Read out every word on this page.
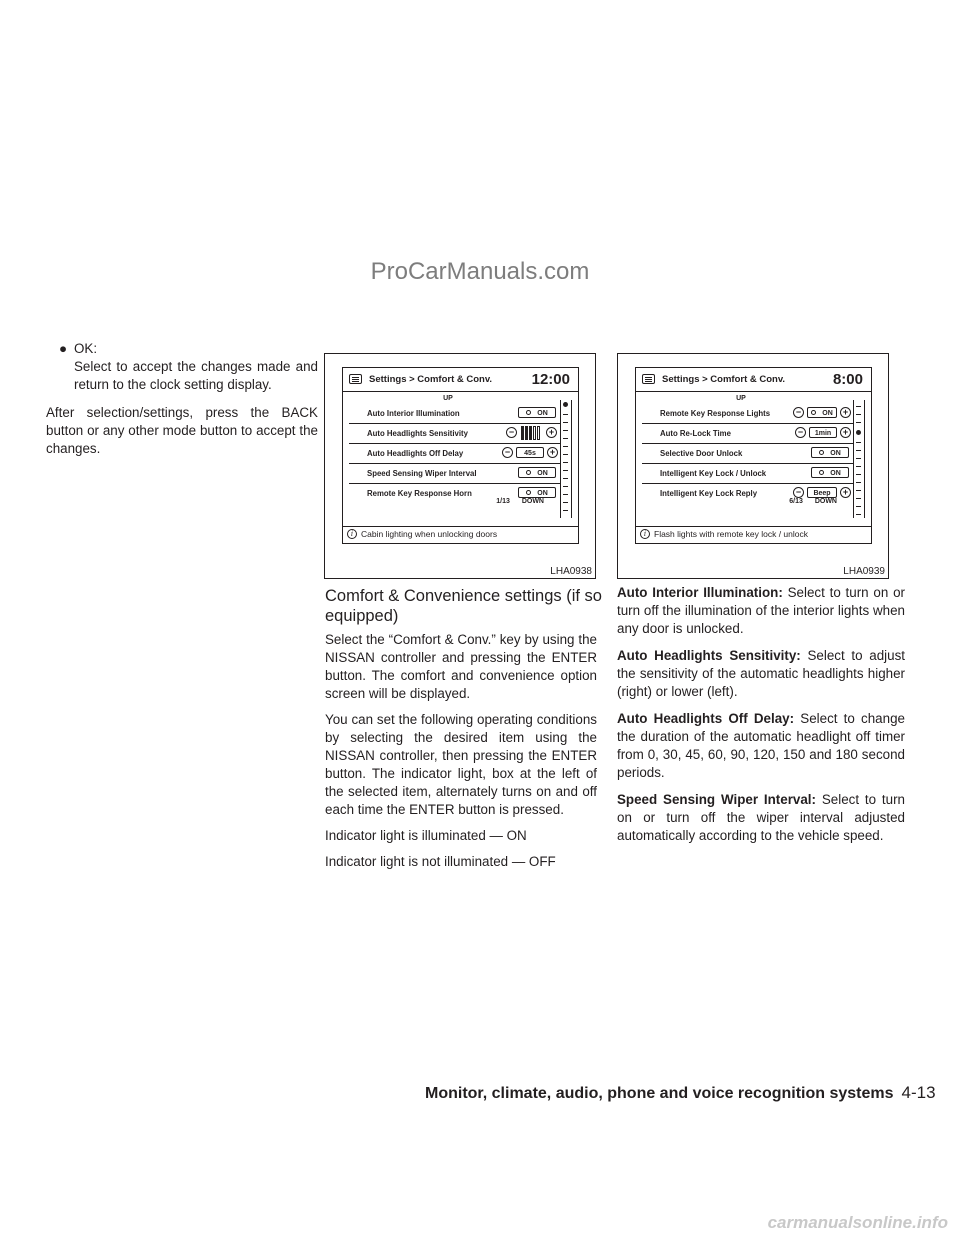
ProCarManuals.com
● OK:
Select to accept the changes made and return to the clock setting display.

After selection/settings, press the BACK button or any other mode button to accept the changes.

Settings > Comfort & Conv.	12:00
UP
Auto Interior Illumination	ON
Auto Headlights Sensitivity	−	+
Auto Headlights Off Delay	−	45s	+
Speed Sensing Wiper Interval	ON
Remote Key Response Horn	ON
1/13 DOWN
i Cabin lighting when unlocking doors
LHA0938
Settings > Comfort & Conv.	8:00
UP
Remote Key Response Lights	−	ON	+
Auto Re-Lock Time	−	1min	+
Selective Door Unlock	ON
Intelligent Key Lock / Unlock	ON
Intelligent Key Lock Reply	−	Beep	+
6/13 DOWN
i Flash lights with remote key lock / unlock
LHA0939
Comfort & Convenience settings (if so equipped)

Select the “Comfort & Conv.” key by using the NISSAN controller and pressing the ENTER button. The comfort and convenience option screen will be displayed.

You can set the following operating conditions by selecting the desired item using the NISSAN controller, then pressing the ENTER button. The indicator light, box at the left of the selected item, alternately turns on and off each time the ENTER button is pressed.

Indicator light is illuminated — ON

Indicator light is not illuminated — OFF

Auto Interior Illumination: Select to turn on or turn off the illumination of the interior lights when any door is unlocked.

Auto Headlights Sensitivity: Select to adjust the sensitivity of the automatic headlights higher (right) or lower (left).

Auto Headlights Off Delay: Select to change the duration of the automatic headlight off timer from 0, 30, 45, 60, 90, 120, 150 and 180 second periods.

Speed Sensing Wiper Interval: Select to turn on or turn off the wiper interval adjusted automatically according to the vehicle speed.

Monitor, climate, audio, phone and voice recognition systems 4-13
carmanualsonline.info
